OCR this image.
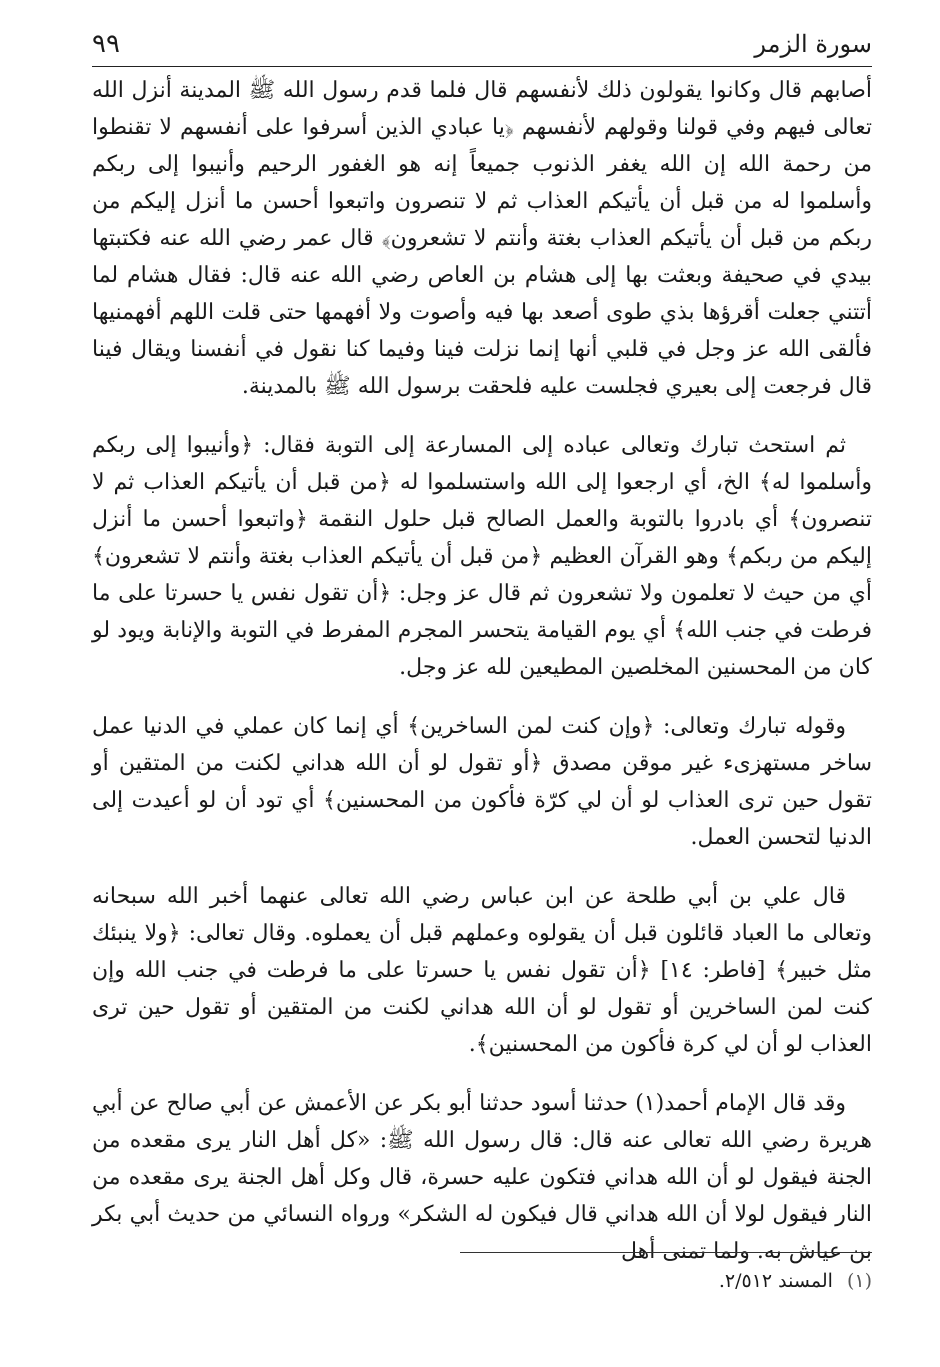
سورة الزمر
٩٩

أصابهم قال وكانوا يقولون ذلك لأنفسهم قال فلما قدم رسول الله ﷺ المدينة أنزل الله تعالى فيهم وفي قولنا وقولهم لأنفسهم ﴿يا عبادي الذين أسرفوا على أنفسهم لا تقنطوا من رحمة الله إن الله يغفر الذنوب جميعاً إنه هو الغفور الرحيم وأنيبوا إلى ربكم وأسلموا له من قبل أن يأتيكم العذاب ثم لا تنصرون واتبعوا أحسن ما أنزل إليكم من ربكم من قبل أن يأتيكم العذاب بغتة وأنتم لا تشعرون﴾ قال عمر رضي الله عنه فكتبتها بيدي في صحيفة وبعثت بها إلى هشام بن العاص رضي الله عنه قال: فقال هشام لما أتتني جعلت أقرؤها بذي طوى أصعد بها فيه وأصوت ولا أفهمها حتى قلت اللهم أفهمنيها فألقى الله عز وجل في قلبي أنها إنما نزلت فينا وفيما كنا نقول في أنفسنا ويقال فينا قال فرجعت إلى بعيري فجلست عليه فلحقت برسول الله ﷺ بالمدينة.

ثم استحث تبارك وتعالى عباده إلى المسارعة إلى التوبة فقال: ﴿وأنيبوا إلى ربكم وأسلموا له﴾ الخ، أي ارجعوا إلى الله واستسلموا له ﴿من قبل أن يأتيكم العذاب ثم لا تنصرون﴾ أي بادروا بالتوبة والعمل الصالح قبل حلول النقمة ﴿واتبعوا أحسن ما أنزل إليكم من ربكم﴾ وهو القرآن العظيم ﴿من قبل أن يأتيكم العذاب بغتة وأنتم لا تشعرون﴾ أي من حيث لا تعلمون ولا تشعرون ثم قال عز وجل: ﴿أن تقول نفس يا حسرتا على ما فرطت في جنب الله﴾ أي يوم القيامة يتحسر المجرم المفرط في التوبة والإنابة ويود لو كان من المحسنين المخلصين المطيعين لله عز وجل.

وقوله تبارك وتعالى: ﴿وإن كنت لمن الساخرين﴾ أي إنما كان عملي في الدنيا عمل ساخر مستهزىء غير موقن مصدق ﴿أو تقول لو أن الله هداني لكنت من المتقين أو تقول حين ترى العذاب لو أن لي كرّة فأكون من المحسنين﴾ أي تود أن لو أعيدت إلى الدنيا لتحسن العمل.

قال علي بن أبي طلحة عن ابن عباس رضي الله تعالى عنهما أخبر الله سبحانه وتعالى ما العباد قائلون قبل أن يقولوه وعملهم قبل أن يعملوه. وقال تعالى: ﴿ولا ينبئك مثل خبير﴾ [فاطر: ١٤] ﴿أن تقول نفس يا حسرتا على ما فرطت في جنب الله وإن كنت لمن الساخرين أو تقول لو أن الله هداني لكنت من المتقين أو تقول حين ترى العذاب لو أن لي كرة فأكون من المحسنين﴾.

وقد قال الإمام أحمد(١) حدثنا أسود حدثنا أبو بكر عن الأعمش عن أبي صالح عن أبي هريرة رضي الله تعالى عنه قال: قال رسول الله ﷺ: «كل أهل النار يرى مقعده من الجنة فيقول لو أن الله هداني فتكون عليه حسرة، قال وكل أهل الجنة يرى مقعده من النار فيقول لولا أن الله هداني قال فيكون له الشكر» ورواه النسائي من حديث أبي بكر بن عياش به. ولما تمنى أهل

(١) المسند ٢/٥١٢.
